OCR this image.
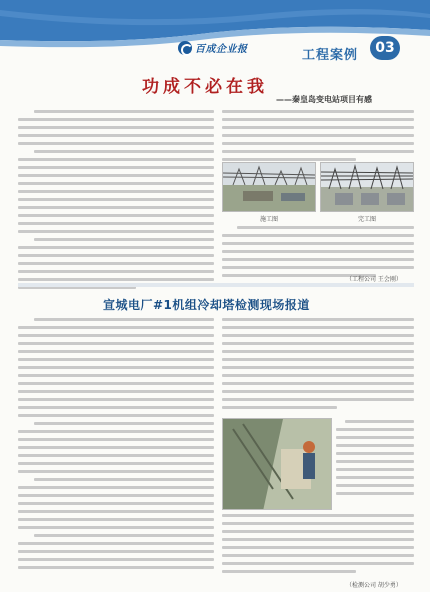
百成企业报	工程案例	03
功成不必在我
——秦皇岛变电站项目有感
施工图	完工图
（工程公司 王会刚）
宣城电厂#1机组冷却塔检测现场报道
（检测公司 胡少勇）
